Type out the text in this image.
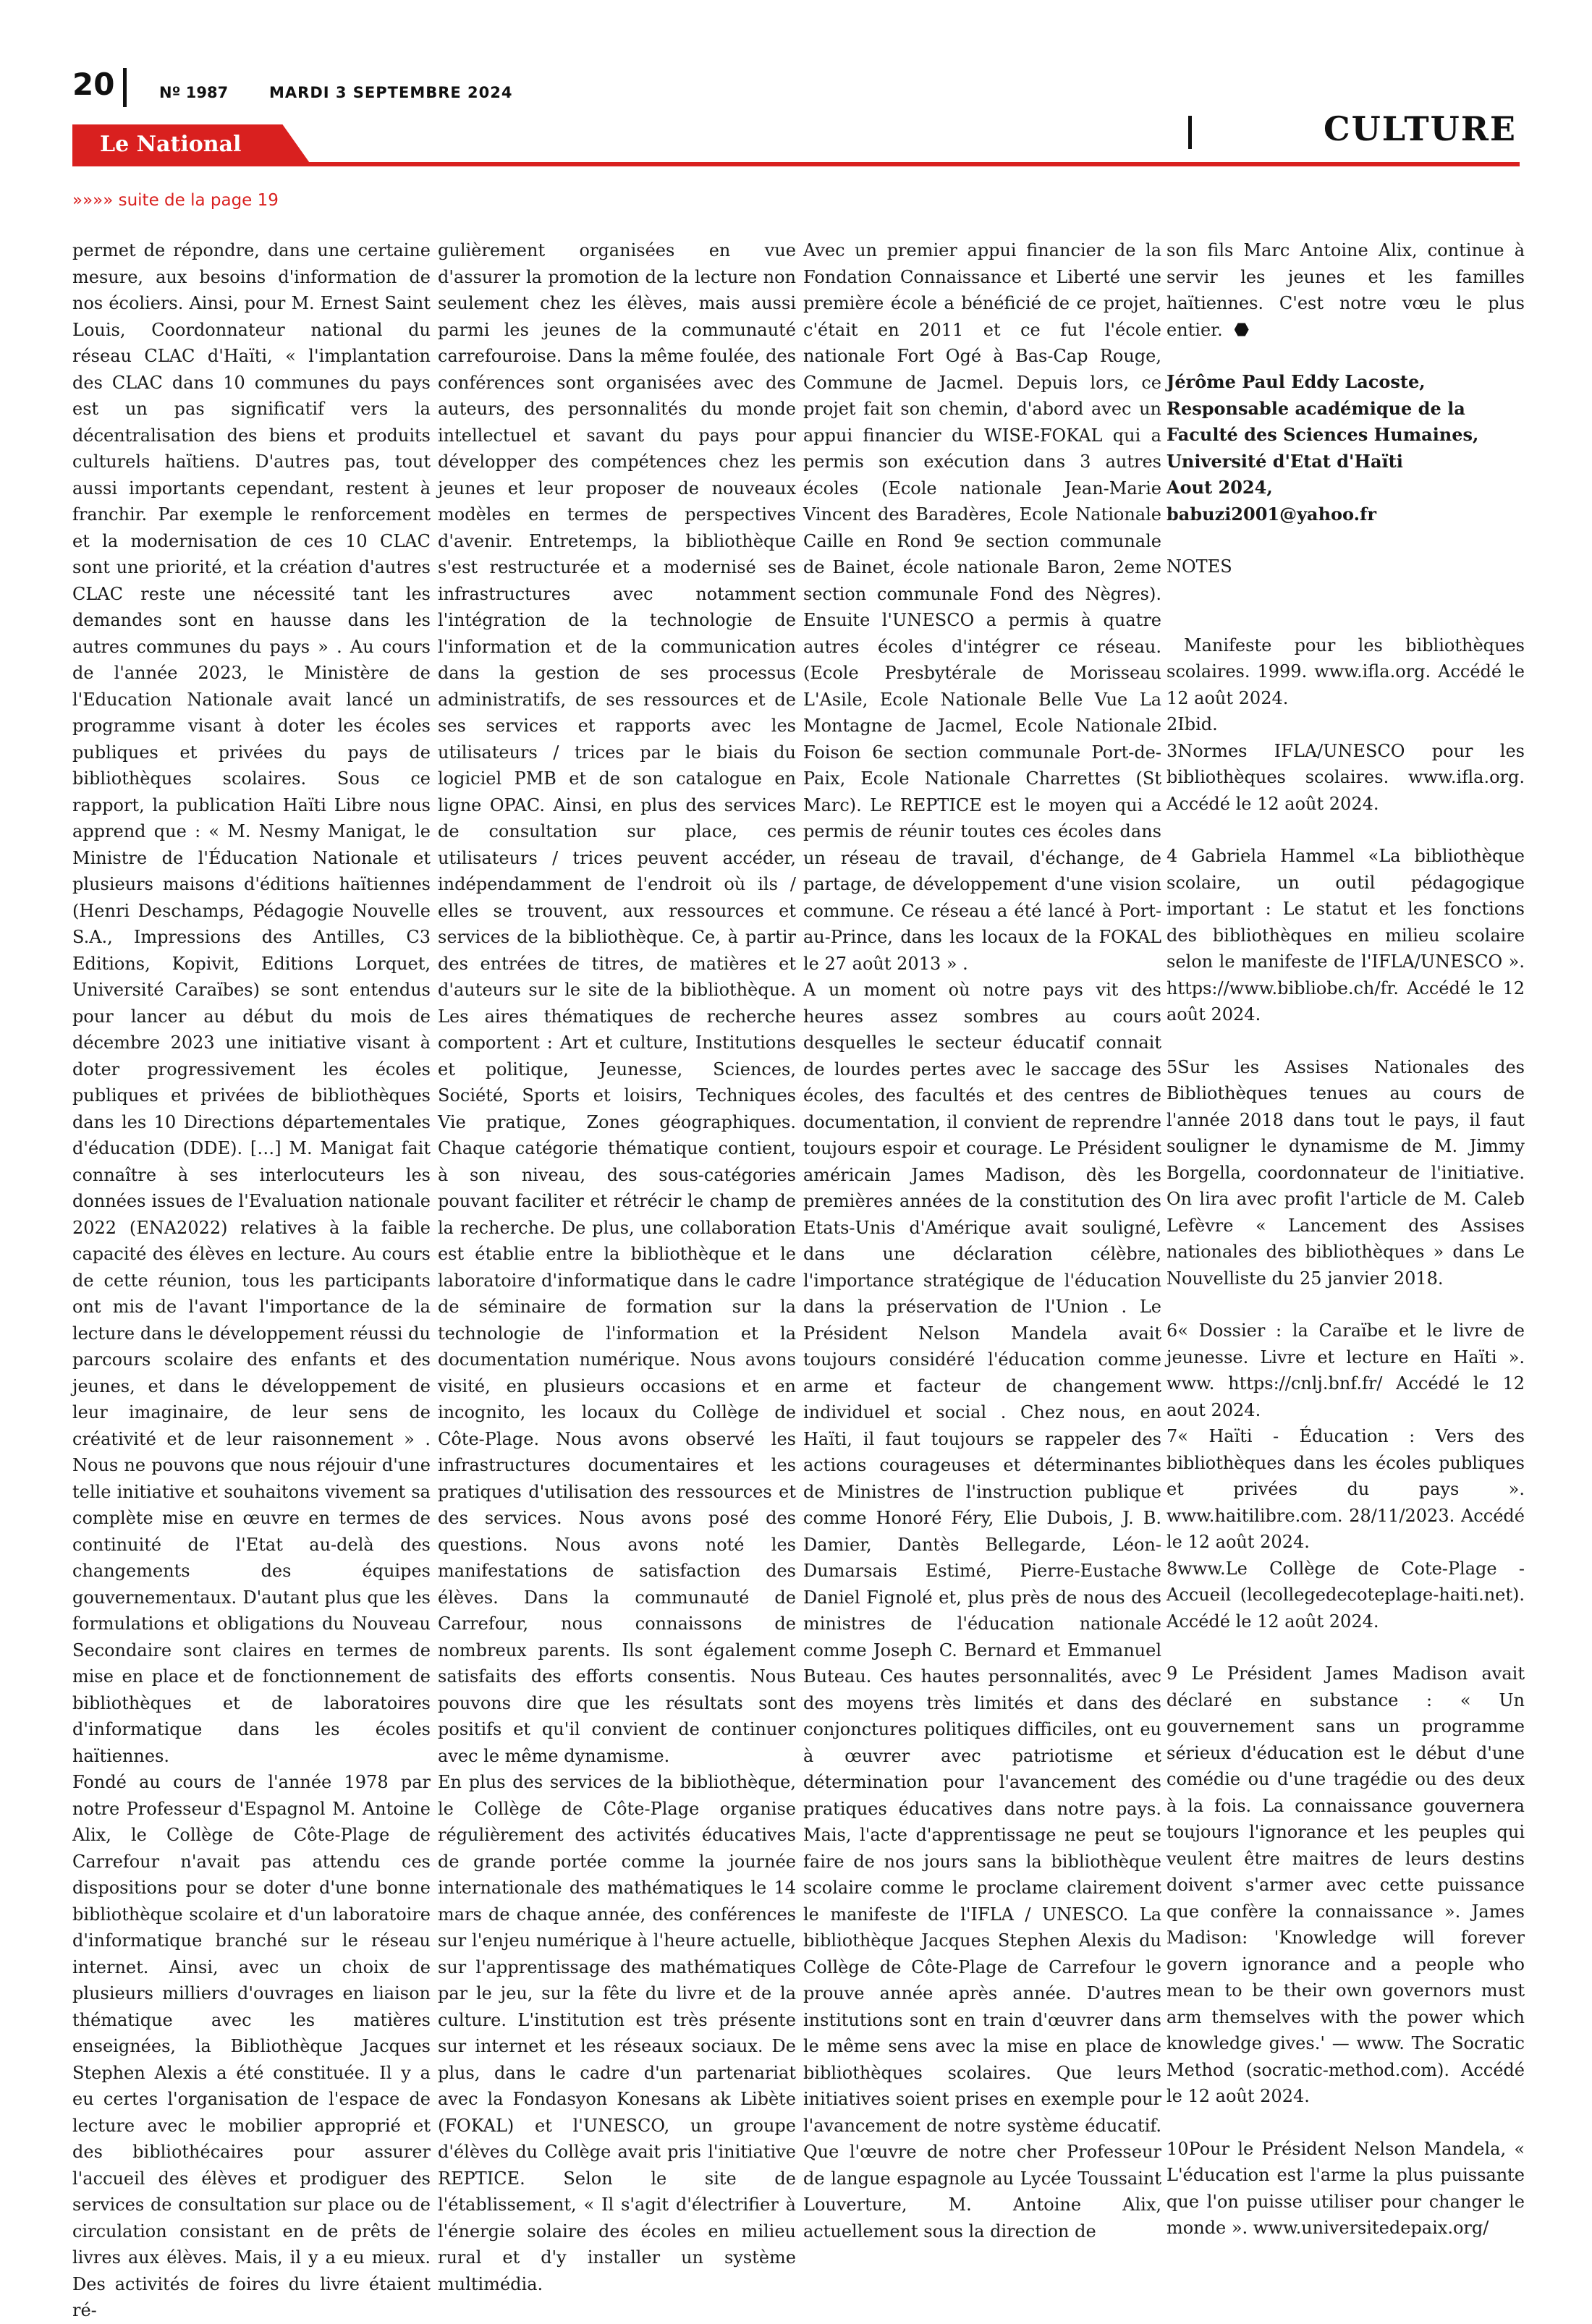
20	Nº 1987	MARDI 3 SEPTEMBRE 2024
Le National	CULTURE
»»»» suite de la page 19

permet de répondre, dans une certaine mesure, aux besoins d'information de nos écoliers. Ainsi, pour M. Ernest Saint Louis, Coordonnateur national du réseau CLAC d'Haïti, « l'implantation des CLAC dans 10 communes du pays est un pas significatif vers la décentralisation des biens et produits culturels haïtiens. D'autres pas, tout aussi importants cependant, restent à franchir. Par exemple le renforcement et la modernisation de ces 10 CLAC sont une priorité, et la création d'autres CLAC reste une nécessité tant les demandes sont en hausse dans les autres communes du pays » . Au cours de l'année 2023, le Ministère de l'Education Nationale avait lancé un programme visant à doter les écoles publiques et privées du pays de bibliothèques scolaires. Sous ce rapport, la publication Haïti Libre nous apprend que : « M. Nesmy Manigat, le Ministre de l'Éducation Nationale et plusieurs maisons d'éditions haïtiennes (Henri Deschamps, Pédagogie Nouvelle S.A., Impressions des Antilles, C3 Editions, Kopivit, Editions Lorquet, Université Caraïbes) se sont entendus pour lancer au début du mois de décembre 2023 une initiative visant à doter progressivement les écoles publiques et privées de bibliothèques dans les 10 Directions départementales d'éducation (DDE). […] M. Manigat fait connaître à ses interlocuteurs les données issues de l'Evaluation nationale 2022 (ENA2022) relatives à la faible capacité des élèves en lecture. Au cours de cette réunion, tous les participants ont mis de l'avant l'importance de la lecture dans le développement réussi du parcours scolaire des enfants et des jeunes, et dans le développement de leur imaginaire, de leur sens de créativité et de leur raisonnement » . Nous ne pouvons que nous réjouir d'une telle initiative et souhaitons vivement sa complète mise en œuvre en termes de continuité de l'Etat au-delà des changements des équipes gouvernementaux. D'autant plus que les formulations et obligations du Nouveau Secondaire sont claires en termes de mise en place et de fonctionnement de bibliothèques et de laboratoires d'informatique dans les écoles haïtiennes.

Fondé au cours de l'année 1978 par notre Professeur d'Espagnol M. Antoine Alix, le Collège de Côte-Plage de Carrefour n'avait pas attendu ces dispositions pour se doter d'une bonne bibliothèque scolaire et d'un laboratoire d'informatique branché sur le réseau internet. Ainsi, avec un choix de plusieurs milliers d'ouvrages en liaison thématique avec les matières enseignées, la Bibliothèque Jacques Stephen Alexis a été constituée. Il y a eu certes l'organisation de l'espace de lecture avec le mobilier approprié et des bibliothécaires pour assurer l'accueil des élèves et prodiguer des services de consultation sur place ou de circulation consistant en de prêts de livres aux élèves. Mais, il y a eu mieux. Des activités de foires du livre étaient ré-

gulièrement organisées en vue d'assurer la promotion de la lecture non seulement chez les élèves, mais aussi parmi les jeunes de la communauté carrefouroise. Dans la même foulée, des conférences sont organisées avec des auteurs, des personnalités du monde intellectuel et savant du pays pour développer des compétences chez les jeunes et leur proposer de nouveaux modèles en termes de perspectives d'avenir. Entretemps, la bibliothèque s'est restructurée et a modernisé ses infrastructures avec notamment l'intégration de la technologie de l'information et de la communication dans la gestion de ses processus administratifs, de ses ressources et de ses services et rapports avec les utilisateurs / trices par le biais du logiciel PMB et de son catalogue en ligne OPAC. Ainsi, en plus des services de consultation sur place, ces utilisateurs / trices peuvent accéder, indépendamment de l'endroit où ils / elles se trouvent, aux ressources et services de la bibliothèque. Ce, à partir des entrées de titres, de matières et d'auteurs sur le site de la bibliothèque. Les aires thématiques de recherche comportent : Art et culture, Institutions et politique, Jeunesse, Sciences, Société, Sports et loisirs, Techniques Vie pratique, Zones géographiques. Chaque catégorie thématique contient, à son niveau, des sous-catégories pouvant faciliter et rétrécir le champ de la recherche. De plus, une collaboration est établie entre la bibliothèque et le laboratoire d'informatique dans le cadre de séminaire de formation sur la technologie de l'information et la documentation numérique. Nous avons visité, en plusieurs occasions et en incognito, les locaux du Collège de Côte-Plage. Nous avons observé les infrastructures documentaires et les pratiques d'utilisation des ressources et des services. Nous avons posé des questions. Nous avons noté les manifestations de satisfaction des élèves. Dans la communauté de Carrefour, nous connaissons de nombreux parents. Ils sont également satisfaits des efforts consentis. Nous pouvons dire que les résultats sont positifs et qu'il convient de continuer avec le même dynamisme.

En plus des services de la bibliothèque, le Collège de Côte-Plage organise régulièrement des activités éducatives de grande portée comme la journée internationale des mathématiques le 14 mars de chaque année, des conférences sur l'enjeu numérique à l'heure actuelle, sur l'apprentissage des mathématiques par le jeu, sur la fête du livre et de la culture. L'institution est très présente sur internet et les réseaux sociaux. De plus, dans le cadre d'un partenariat avec la Fondasyon Konesans ak Libète (FOKAL) et l'UNESCO, un groupe d'élèves du Collège avait pris l'initiative REPTICE. Selon le site de l'établissement, « Il s'agit d'électrifier à l'énergie solaire des écoles en milieu rural et d'y installer un système multimédia.

Avec un premier appui financier de la Fondation Connaissance et Liberté une première école a bénéficié de ce projet, c'était en 2011 et ce fut l'école nationale Fort Ogé à Bas-Cap Rouge, Commune de Jacmel. Depuis lors, ce projet fait son chemin, d'abord avec un appui financier du WISE-FOKAL qui a permis son exécution dans 3 autres écoles (Ecole nationale Jean-Marie Vincent des Baradères, Ecole Nationale Caille en Rond 9e section communale de Bainet, école nationale Baron, 2eme section communale Fond des Nègres). Ensuite l'UNESCO a permis à quatre autres écoles d'intégrer ce réseau. (Ecole Presbytérale de Morisseau L'Asile, Ecole Nationale Belle Vue La Montagne de Jacmel, Ecole Nationale Foison 6e section communale Port-de-Paix, Ecole Nationale Charrettes (St Marc). Le REPTICE est le moyen qui a permis de réunir toutes ces écoles dans un réseau de travail, d'échange, de partage, de développement d'une vision commune. Ce réseau a été lancé à Port-au-Prince, dans les locaux de la FOKAL le 27 août 2013 » .

A un moment où notre pays vit des heures assez sombres au cours desquelles le secteur éducatif connait de lourdes pertes avec le saccage des écoles, des facultés et des centres de documentation, il convient de reprendre toujours espoir et courage. Le Président américain James Madison, dès les premières années de la constitution des Etats-Unis d'Amérique avait souligné, dans une déclaration célèbre, l'importance stratégique de l'éducation dans la préservation de l'Union . Le Président Nelson Mandela avait toujours considéré l'éducation comme arme et facteur de changement individuel et social . Chez nous, en Haïti, il faut toujours se rappeler des actions courageuses et déterminantes de Ministres de l'instruction publique comme Honoré Féry, Elie Dubois, J. B. Damier, Dantès Bellegarde, Léon-Dumarsais Estimé, Pierre-Eustache Daniel Fignolé et, plus près de nous des ministres de l'éducation nationale comme Joseph C. Bernard et Emmanuel Buteau. Ces hautes personnalités, avec des moyens très limités et dans des conjonctures politiques difficiles, ont eu à œuvrer avec patriotisme et détermination pour l'avancement des pratiques éducatives dans notre pays. Mais, l'acte d'apprentissage ne peut se faire de nos jours sans la bibliothèque scolaire comme le proclame clairement le manifeste de l'IFLA / UNESCO. La bibliothèque Jacques Stephen Alexis du Collège de Côte-Plage de Carrefour le prouve année après année. D'autres institutions sont en train d'œuvrer dans le même sens avec la mise en place de bibliothèques scolaires. Que leurs initiatives soient prises en exemple pour l'avancement de notre système éducatif. Que l'œuvre de notre cher Professeur de langue espagnole au Lycée Toussaint Louverture, M. Antoine Alix, actuellement sous la direction de

son fils Marc Antoine Alix, continue à servir les jeunes et les familles haïtiennes. C'est notre vœu le plus entier.

Jérôme Paul Eddy Lacoste,
Responsable académique de la Faculté des Sciences Humaines, Université d'Etat d'Haïti
Aout 2024,
babuzi2001@yahoo.fr

NOTES

Manifeste pour les bibliothèques scolaires. 1999. www.ifla.org. Accédé le 12 août 2024.

2Ibid.

3Normes IFLA/UNESCO pour les bibliothèques scolaires. www.ifla.org. Accédé le 12 août 2024.

4 Gabriela Hammel «La bibliothèque scolaire, un outil pédagogique important : Le statut et les fonctions des bibliothèques en milieu scolaire selon le manifeste de l'IFLA/UNESCO ». https://www.bibliobe.ch/fr. Accédé le 12 août 2024.

5Sur les Assises Nationales des Bibliothèques tenues au cours de l'année 2018 dans tout le pays, il faut souligner le dynamisme de M. Jimmy Borgella, coordonnateur de l'initiative. On lira avec profit l'article de M. Caleb Lefèvre « Lancement des Assises nationales des bibliothèques » dans Le Nouvelliste du 25 janvier 2018.

6« Dossier : la Caraïbe et le livre de jeunesse. Livre et lecture en Haïti ». www. https://cnlj.bnf.fr/ Accédé le 12 aout 2024.

7« Haïti - Éducation : Vers des bibliothèques dans les écoles publiques et privées du pays ». www.haitilibre.com. 28/11/2023. Accédé le 12 août 2024.

8www.Le Collège de Cote-Plage - Accueil (lecollegedecoteplage-haiti.net). Accédé le 12 août 2024.

9 Le Président James Madison avait déclaré en substance : « Un gouvernement sans un programme sérieux d'éducation est le début d'une comédie ou d'une tragédie ou des deux à la fois. La connaissance gouvernera toujours l'ignorance et les peuples qui veulent être maitres de leurs destins doivent s'armer avec cette puissance que confère la connaissance ». James Madison: 'Knowledge will forever govern ignorance and a people who mean to be their own governors must arm themselves with the power which knowledge gives.' — www. The Socratic Method (socratic-method.com). Accédé le 12 août 2024.

10Pour le Président Nelson Mandela, « L'éducation est l'arme la plus puissante que l'on puisse utiliser pour changer le monde ». www.universitedepaix.org/
